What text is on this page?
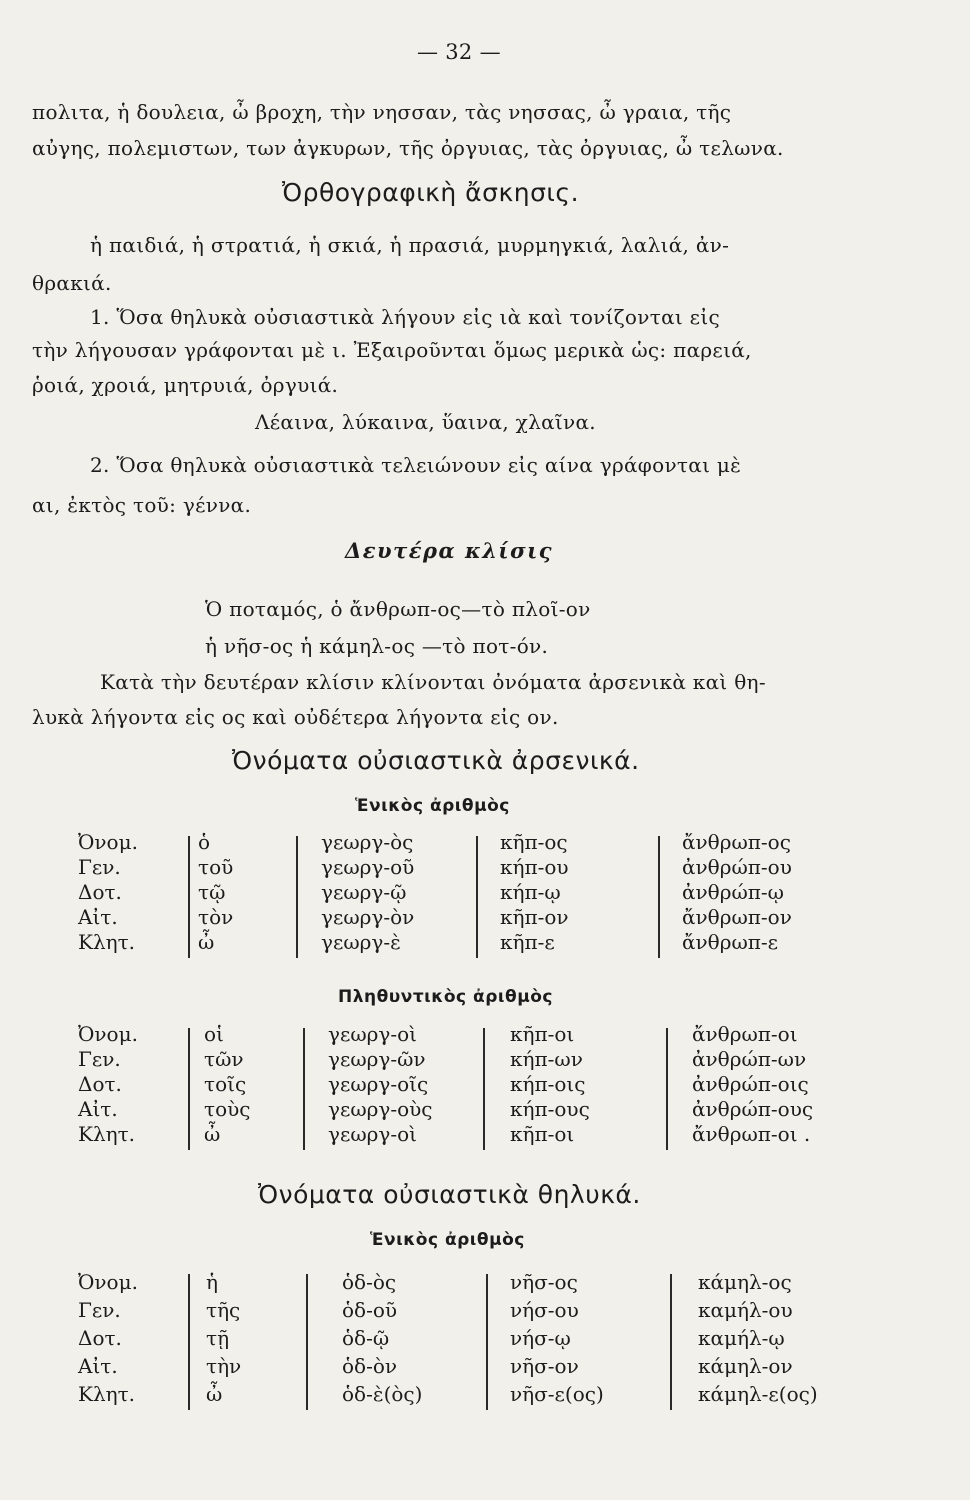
— 32 —
πολιτα, ἡ δουλεια, ὦ βροχη, τὴν νησσαν, τὰς νησσας, ὦ γραια, τῆς
αὐγης, πολεμιστων, των ἀγκυρων, τῆς ὀργυιας, τὰς ὀργυιας, ὦ τελωνα.
Ὀρθογραφικὴ ἄσκησις.
ἡ παιδιά, ἡ στρατιά, ἡ σκιά, ἡ πρασιά, μυρμηγκιά, λαλιά, ἀν-
θρακιά.
1. Ὅσα θηλυκὰ οὐσιαστικὰ λήγουν εἰς ιὰ καὶ τονίζονται εἰς
τὴν λήγουσαν γράφονται μὲ ι. Ἐξαιροῦνται ὅμως μερικὰ ὡς: παρειά,
ῥοιά, χροιά, μητρυιά, ὀργυιά.
Λέαινα, λύκαινα, ὕαινα, χλαῖνα.
2. Ὅσα θηλυκὰ οὐσιαστικὰ τελειώνουν εἰς αίνα γράφονται μὲ
αι, ἐκτὸς τοῦ: γέννα.
Δευτέρα κλίσις
Ὁ ποταμός, ὁ ἄνθρωπ-ος—τὸ πλοῖ-ον
ἡ νῆσ-ος ἡ κάμηλ-ος —τὸ ποτ-όν.
Κατὰ τὴν δευτέραν κλίσιν κλίνονται ὀνόματα ἀρσενικὰ καὶ θη-
λυκὰ λήγοντα εἰς ος καὶ οὐδέτερα λήγοντα εἰς ον.
Ὀνόματα οὐσιαστικὰ ἀρσενικά.
Ἑνικὸς ἀριθμὸς
Ὀνομ.
Γεν.
Δοτ.
Αἰτ.
Κλητ.
ὁ
τοῦ
τῷ
τὸν
ὦ
γεωργ-ὸς
γεωργ-οῦ
γεωργ-ῷ
γεωργ-ὸν
γεωργ-ὲ
κῆπ-ος
κήπ-ου
κήπ-ῳ
κῆπ-ον
κῆπ-ε
ἄνθρωπ-ος
ἀνθρώπ-ου
ἀνθρώπ-ῳ
ἄνθρωπ-ον
ἄνθρωπ-ε
Πληθυντικὸς ἀριθμὸς
Ὀνομ.
Γεν.
Δοτ.
Αἰτ.
Κλητ.
οἱ
τῶν
τοῖς
τοὺς
ὦ
γεωργ-οὶ
γεωργ-ῶν
γεωργ-οῖς
γεωργ-οὺς
γεωργ-οὶ
κῆπ-οι
κήπ-ων
κήπ-οις
κήπ-ους
κῆπ-οι
ἄνθρωπ-οι
ἀνθρώπ-ων
ἀνθρώπ-οις
ἀνθρώπ-ους
ἄνθρωπ-οι .
Ὀνόματα οὐσιαστικὰ θηλυκά.
Ἑνικὸς ἀριθμὸς
Ὀνομ.
Γεν.
Δοτ.
Αἰτ.
Κλητ.
ἡ
τῆς
τῇ
τὴν
ὦ
ὁδ-ὸς
ὁδ-οῦ
ὁδ-ῷ
ὁδ-ὸν
ὁδ-ὲ(ὸς)
νῆσ-ος
νήσ-ου
νήσ-ῳ
νῆσ-ον
νῆσ-ε(ος)
κάμηλ-ος
καμήλ-ου
καμήλ-ῳ
κάμηλ-ον
κάμηλ-ε(ος)
